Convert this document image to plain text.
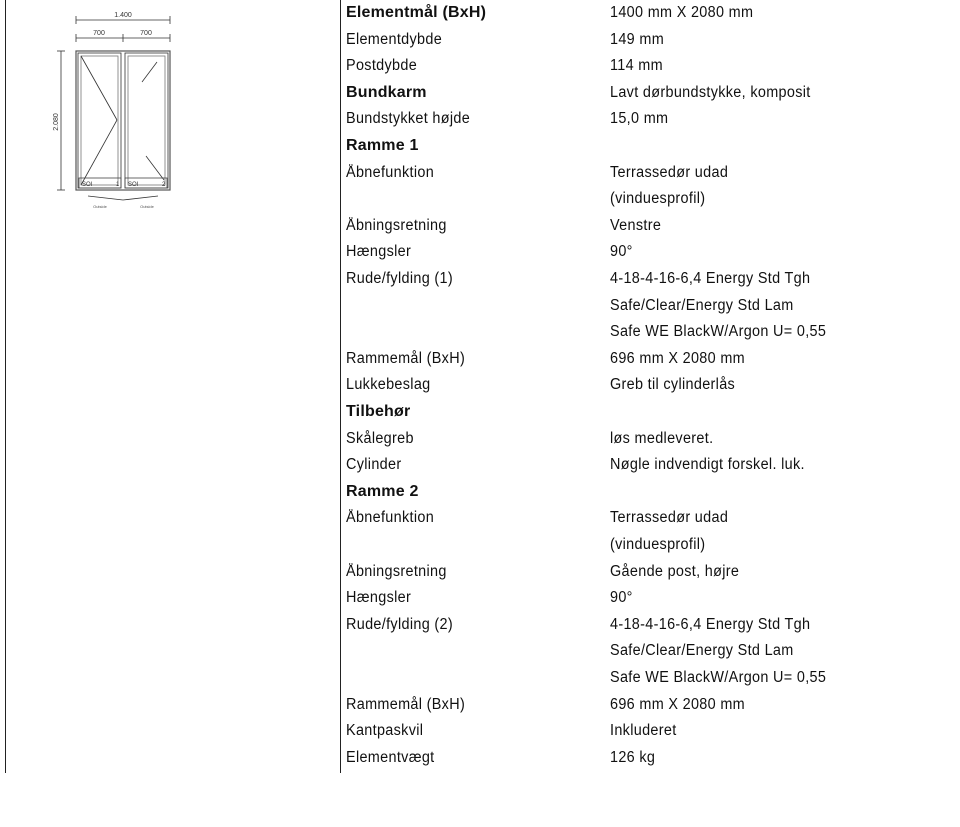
1.400
700	700
2.080
SOI	1 SOI	2
Outside	Outside
Elementmål (BxH)	1400 mm X 2080 mm
Elementdybde	149 mm
Postdybde	114 mm
Bundkarm	Lavt dørbundstykke, komposit
Bundstykket højde	15,0 mm
Ramme 1
Åbnefunktion	Terrassedør udad
(vinduesprofil)
Åbningsretning	Venstre
Hængsler	90°
Rude/fylding (1)	4-18-4-16-6,4 Energy Std Tgh
Safe/Clear/Energy Std Lam
Safe WE BlackW/Argon U= 0,55
Rammemål (BxH)	696 mm X 2080 mm
Lukkebeslag	Greb til cylinderlås
Tilbehør
Skålegreb	løs medleveret.
Cylinder	Nøgle indvendigt forskel. luk.
Ramme 2
Åbnefunktion	Terrassedør udad
(vinduesprofil)
Åbningsretning	Gående post, højre
Hængsler	90°
Rude/fylding (2)	4-18-4-16-6,4 Energy Std Tgh
Safe/Clear/Energy Std Lam
Safe WE BlackW/Argon U= 0,55
Rammemål (BxH)	696 mm X 2080 mm
Kantpaskvil	Inkluderet
Elementvægt	126 kg
